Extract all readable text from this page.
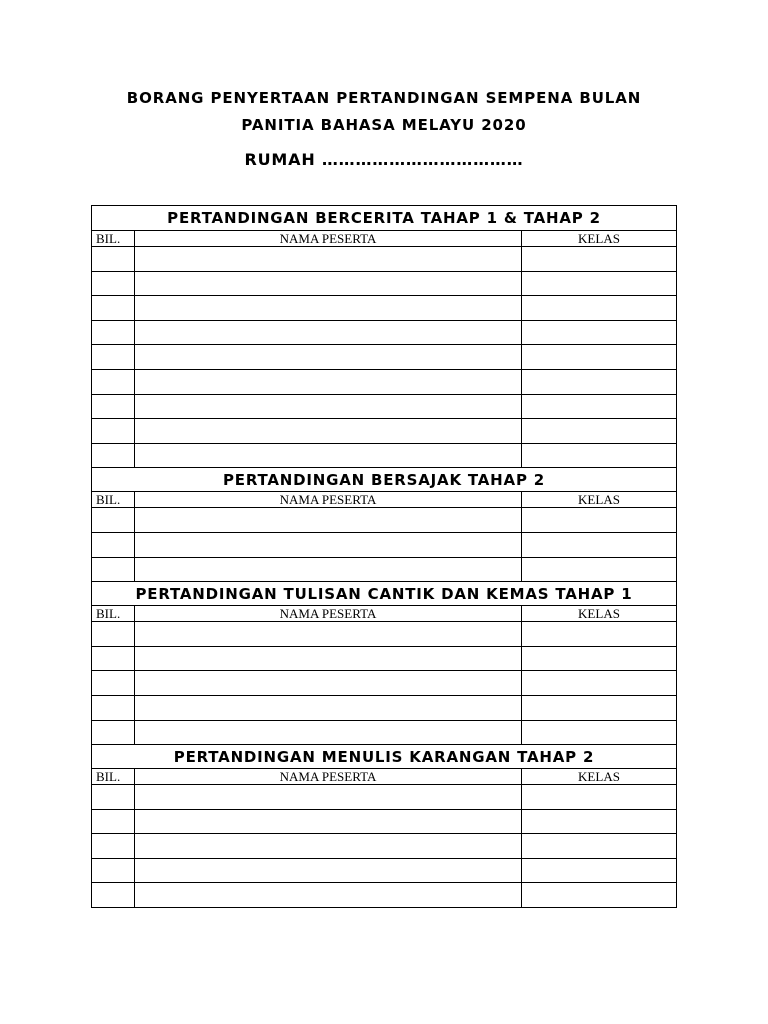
BORANG PENYERTAAN PERTANDINGAN SEMPENA BULAN
PANITIA BAHASA MELAYU 2020
RUMAH ………………………………
PERTANDINGAN BERCERITA TAHAP 1 & TAHAP 2
BIL.	NAMA PESERTA	KELAS
PERTANDINGAN BERSAJAK TAHAP 2
BIL.	NAMA PESERTA	KELAS
PERTANDINGAN TULISAN CANTIK DAN KEMAS TAHAP 1
BIL.	NAMA PESERTA	KELAS
PERTANDINGAN MENULIS KARANGAN TAHAP 2
BIL.	NAMA PESERTA	KELAS
